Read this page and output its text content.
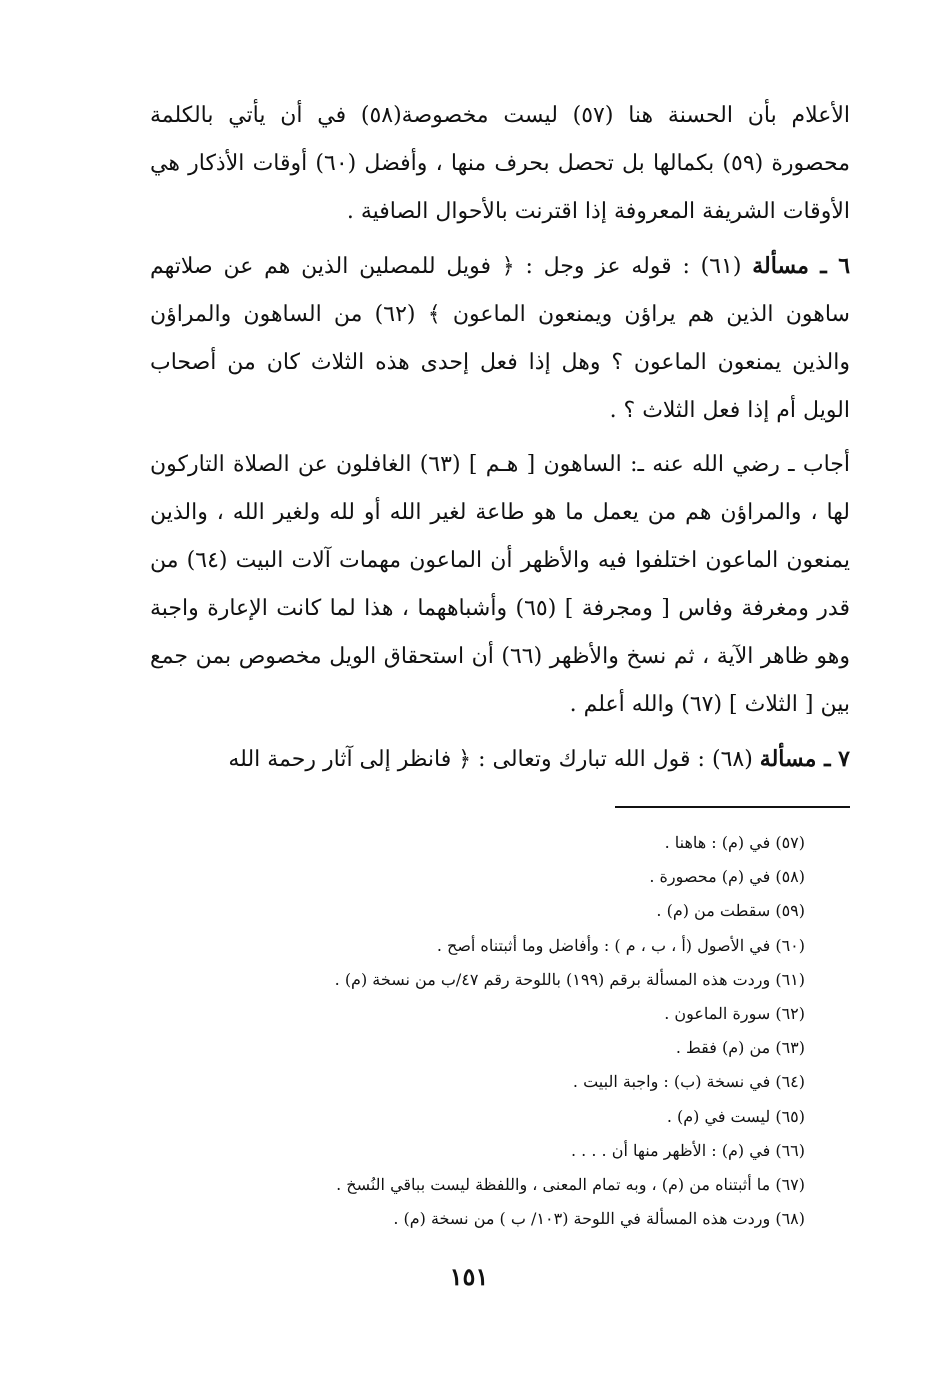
الأعلام بأن الحسنة هنا (٥٧) ليست مخصوصة(٥٨) في أن يأتي بالكلمة محصورة (٥٩) بكمالها بل تحصل بحرف منها ، وأفضل (٦٠) أوقات الأذكار هي الأوقات الشريفة المعروفة إذا اقترنت بالأحوال الصافية .

٦ ـ مسألة (٦١) : قوله عز وجل : ﴿ فويل للمصلين الذين هم عن صلاتهم ساهون الذين هم يراؤن ويمنعون الماعون ﴾ (٦٢) من الساهون والمراؤن والذين يمنعون الماعون ؟ وهل إذا فعل إحدى هذه الثلاث كان من أصحاب الويل أم إذا فعل الثلاث ؟ .

أجاب ـ رضي الله عنه ـ: الساهون [ هـم ] (٦٣) الغافلون عن الصلاة التاركون لها ، والمراؤن هم من يعمل ما هو طاعة لغير الله أو لله ولغير الله ، والذين يمنعون الماعون اختلفوا فيه والأظهر أن الماعون مهمات آلات البيت (٦٤) من قدر ومغرفة وفاس [ ومجرفة ] (٦٥) وأشباههما ، هذا لما كانت الإعارة واجبة وهو ظاهر الآية ، ثم نسخ والأظهر (٦٦) أن استحقاق الويل مخصوص بمن جمع بين [ الثلاث ] (٦٧) والله أعلم .

٧ ـ مسألة (٦٨) : قول الله تبارك وتعالى : ﴿ فانظر إلى آثار رحمة الله

(٥٧) في (م) : هاهنا .
(٥٨) في (م) محصورة .
(٥٩) سقطت من (م) .
(٦٠) في الأصول (أ ، ب ، م ) : وأفاضل وما أثبتناه أصح .
(٦١) وردت هذه المسألة برقم (١٩٩) باللوحة رقم ٤٧/ب من نسخة (م) .
(٦٢) سورة الماعون .
(٦٣) من (م) فقط .
(٦٤) في نسخة (ب) : واجبة البيت .
(٦٥) ليست في (م) .
(٦٦) في (م) : الأظهر منها أن . . . .
(٦٧) ما أثبتناه من (م) ، وبه تمام المعنى ، واللفظة ليست بباقي النُسخ .
(٦٨) وردت هذه المسألة في اللوحة (١٠٣/ ب ) من نسخة (م) .
١٥١
